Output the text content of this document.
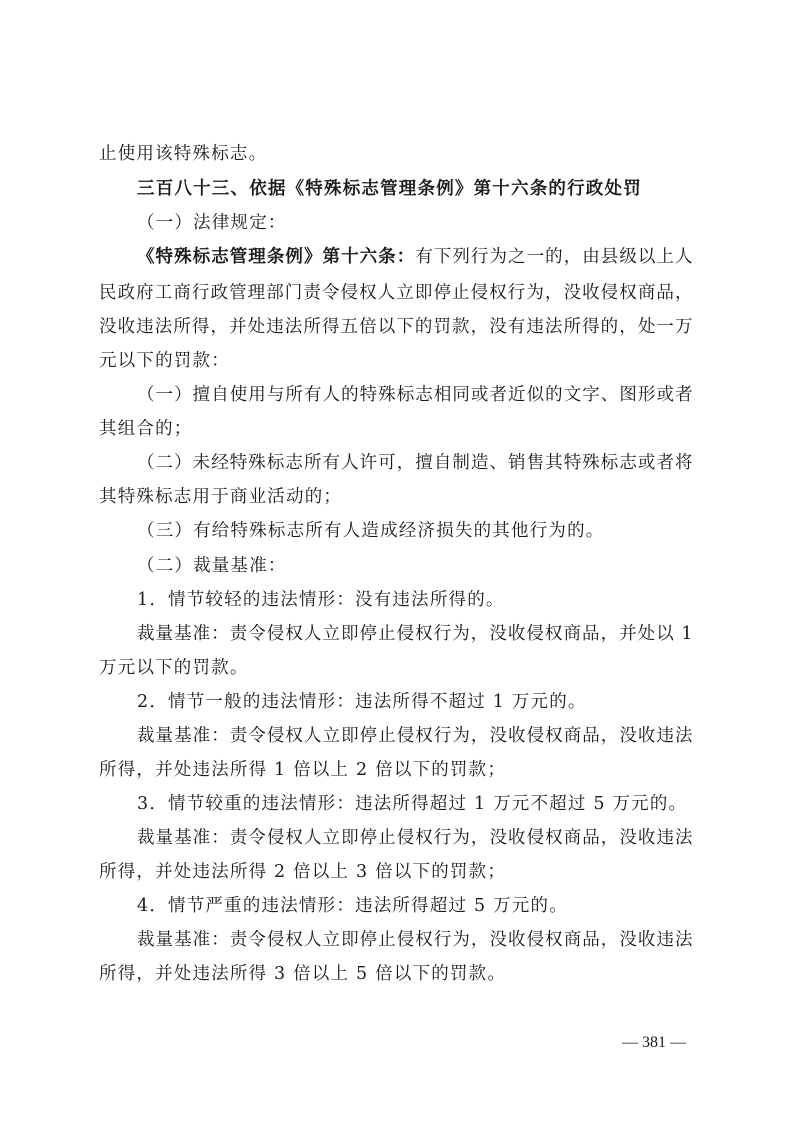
止使用该特殊标志。
三百八十三、依据《特殊标志管理条例》第十六条的行政处罚
（一）法律规定：
《特殊标志管理条例》第十六条：有下列行为之一的，由县级以上人
民政府工商行政管理部门责令侵权人立即停止侵权行为，没收侵权商品，
没收违法所得，并处违法所得五倍以下的罚款，没有违法所得的，处一万
元以下的罚款：
（一）擅自使用与所有人的特殊标志相同或者近似的文字、图形或者
其组合的；
（二）未经特殊标志所有人许可，擅自制造、销售其特殊标志或者将
其特殊标志用于商业活动的；
（三）有给特殊标志所有人造成经济损失的其他行为的。
（二）裁量基准：
1．情节较轻的违法情形：没有违法所得的。
裁量基准：责令侵权人立即停止侵权行为，没收侵权商品，并处以 1
万元以下的罚款。
2．情节一般的违法情形：违法所得不超过 1 万元的。
裁量基准：责令侵权人立即停止侵权行为，没收侵权商品，没收违法
所得，并处违法所得 1 倍以上 2 倍以下的罚款；
3．情节较重的违法情形：违法所得超过 1 万元不超过 5 万元的。
裁量基准：责令侵权人立即停止侵权行为，没收侵权商品，没收违法
所得，并处违法所得 2 倍以上 3 倍以下的罚款；
4．情节严重的违法情形：违法所得超过 5 万元的。
裁量基准：责令侵权人立即停止侵权行为，没收侵权商品，没收违法
所得，并处违法所得 3 倍以上 5 倍以下的罚款。
— 381 —
